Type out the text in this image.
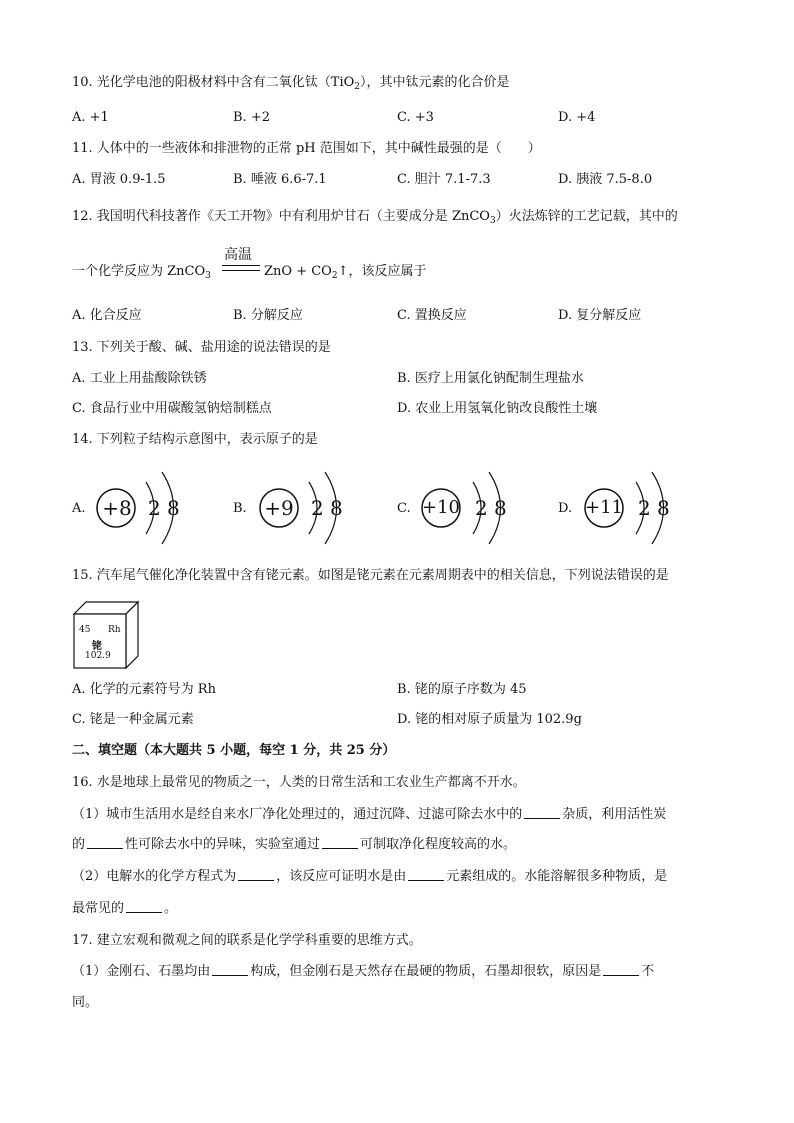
10. 光化学电池的阳极材料中含有二氧化钛（TiO$_2$），其中钛元素的化合价是
A. +1	B. +2	C. +3	D. +4
11. 人体中的一些液体和排泄物的正常 pH 范围如下，其中碱性最强的是（　　）
A. 胃液 0.9-1.5	B. 唾液 6.6-7.1	C. 胆汁 7.1-7.3	D. 胰液 7.5-8.0
12. 我国明代科技著作《天工开物》中有利用炉甘石（主要成分是 ZnCO$_3$）火法炼锌的工艺记载，其中的
一个化学反应为 ZnCO$_3$
高温
ZnO + $CO_2↑$，该反应属于
A. 化合反应	B. 分解反应	C. 置换反应	D. 复分解反应
13. 下列关于酸、碱、盐用途的说法错误的是
A. 工业上用盐酸除铁锈	B. 医疗上用氯化钠配制生理盐水
C. 食品行业中用碳酸氢钠焙制糕点	D. 农业上用氢氧化钠改良酸性土壤
14. 下列粒子结构示意图中，表示原子的是
A. +8 2 8	B. +9 2 8	C. +10 2 8	D. +11 2 8
15. 汽车尾气催化净化装置中含有铑元素。如图是铑元素在元素周期表中的相关信息，下列说法错误的是
45 Rh
铑
102.9
A. 化学的元素符号为 Rh	B. 铑的原子序数为 45
C. 铑是一种金属元素	D. 铑的相对原子质量为 102.9g
二、填空题（本大题共 5 小题，每空 1 分，共 25 分）
16. 水是地球上最常见的物质之一，人类的日常生活和工农业生产都离不开水。
（1）城市生活用水是经自来水厂净化处理过的，通过沉降、过滤可除去水中的	杂质，利用活性炭
的	性可除去水中的异味，实验室通过	可制取净化程度较高的水。
（2）电解水的化学方程式为	，该反应可证明水是由	元素组成的。水能溶解很多种物质，是
最常见的	。
17. 建立宏观和微观之间的联系是化学学科重要的思维方式。
（1）金刚石、石墨均由	构成，但金刚石是天然存在最硬的物质，石墨却很软，原因是	不
同。
